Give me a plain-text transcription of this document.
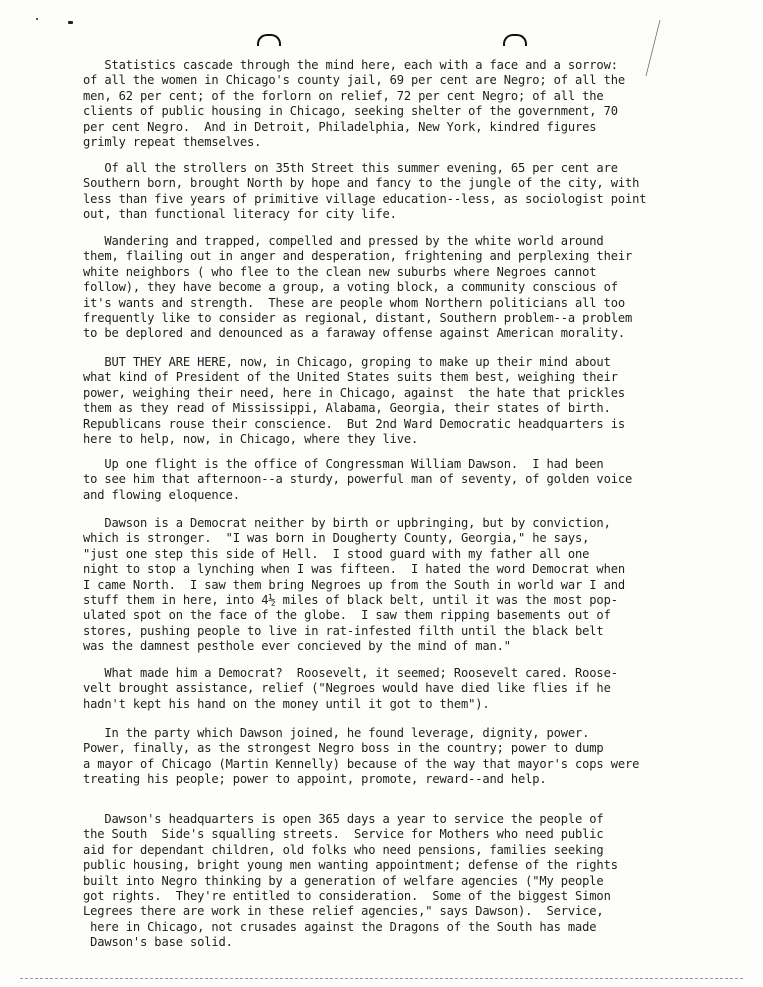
Statistics cascade through the mind here, each with a face and a sorrow:
of all the women in Chicago's county jail, 69 per cent are Negro; of all the
men, 62 per cent; of the forlorn on relief, 72 per cent Negro; of all the
clients of public housing in Chicago, seeking shelter of the government, 70
per cent Negro.  And in Detroit, Philadelphia, New York, kindred figures
grimly repeat themselves.
Of all the strollers on 35th Street this summer evening, 65 per cent are
Southern born, brought North by hope and fancy to the jungle of the city, with
less than five years of primitive village education--less, as sociologist point
out, than functional literacy for city life.
Wandering and trapped, compelled and pressed by the white world around
them, flailing out in anger and desperation, frightening and perplexing their
white neighbors ( who flee to the clean new suburbs where Negroes cannot
follow), they have become a group, a voting block, a community conscious of
it's wants and strength.  These are people whom Northern politicians all too
frequently like to consider as regional, distant, Southern problem--a problem
to be deplored and denounced as a faraway offense against American morality.
BUT THEY ARE HERE, now, in Chicago, groping to make up their mind about
what kind of President of the United States suits them best, weighing their
power, weighing their need, here in Chicago, against  the hate that prickles
them as they read of Mississippi, Alabama, Georgia, their states of birth.
Republicans rouse their conscience.  But 2nd Ward Democratic headquarters is
here to help, now, in Chicago, where they live.
Up one flight is the office of Congressman William Dawson.  I had been
to see him that afternoon--a sturdy, powerful man of seventy, of golden voice
and flowing eloquence.
Dawson is a Democrat neither by birth or upbringing, but by conviction,
which is stronger.  "I was born in Dougherty County, Georgia," he says,
"just one step this side of Hell.  I stood guard with my father all one
night to stop a lynching when I was fifteen.  I hated the word Democrat when
I came North.  I saw them bring Negroes up from the South in world war I and
stuff them in here, into 4½ miles of black belt, until it was the most pop-
ulated spot on the face of the globe.  I saw them ripping basements out of
stores, pushing people to live in rat-infested filth until the black belt
was the damnest pesthole ever concieved by the mind of man."
What made him a Democrat?  Roosevelt, it seemed; Roosevelt cared. Roose-
velt brought assistance, relief ("Negroes would have died like flies if he
hadn't kept his hand on the money until it got to them").
In the party which Dawson joined, he found leverage, dignity, power.
Power, finally, as the strongest Negro boss in the country; power to dump
a mayor of Chicago (Martin Kennelly) because of the way that mayor's cops were
treating his people; power to appoint, promote, reward--and help.
Dawson's headquarters is open 365 days a year to service the people of
the South  Side's squalling streets.  Service for Mothers who need public
aid for dependant children, old folks who need pensions, families seeking
public housing, bright young men wanting appointment; defense of the rights
built into Negro thinking by a generation of welfare agencies ("My people
got rights.  They're entitled to consideration.  Some of the biggest Simon
Legrees there are work in these relief agencies," says Dawson).  Service,
here in Chicago, not crusades against the Dragons of the South has made
Dawson's base solid.
